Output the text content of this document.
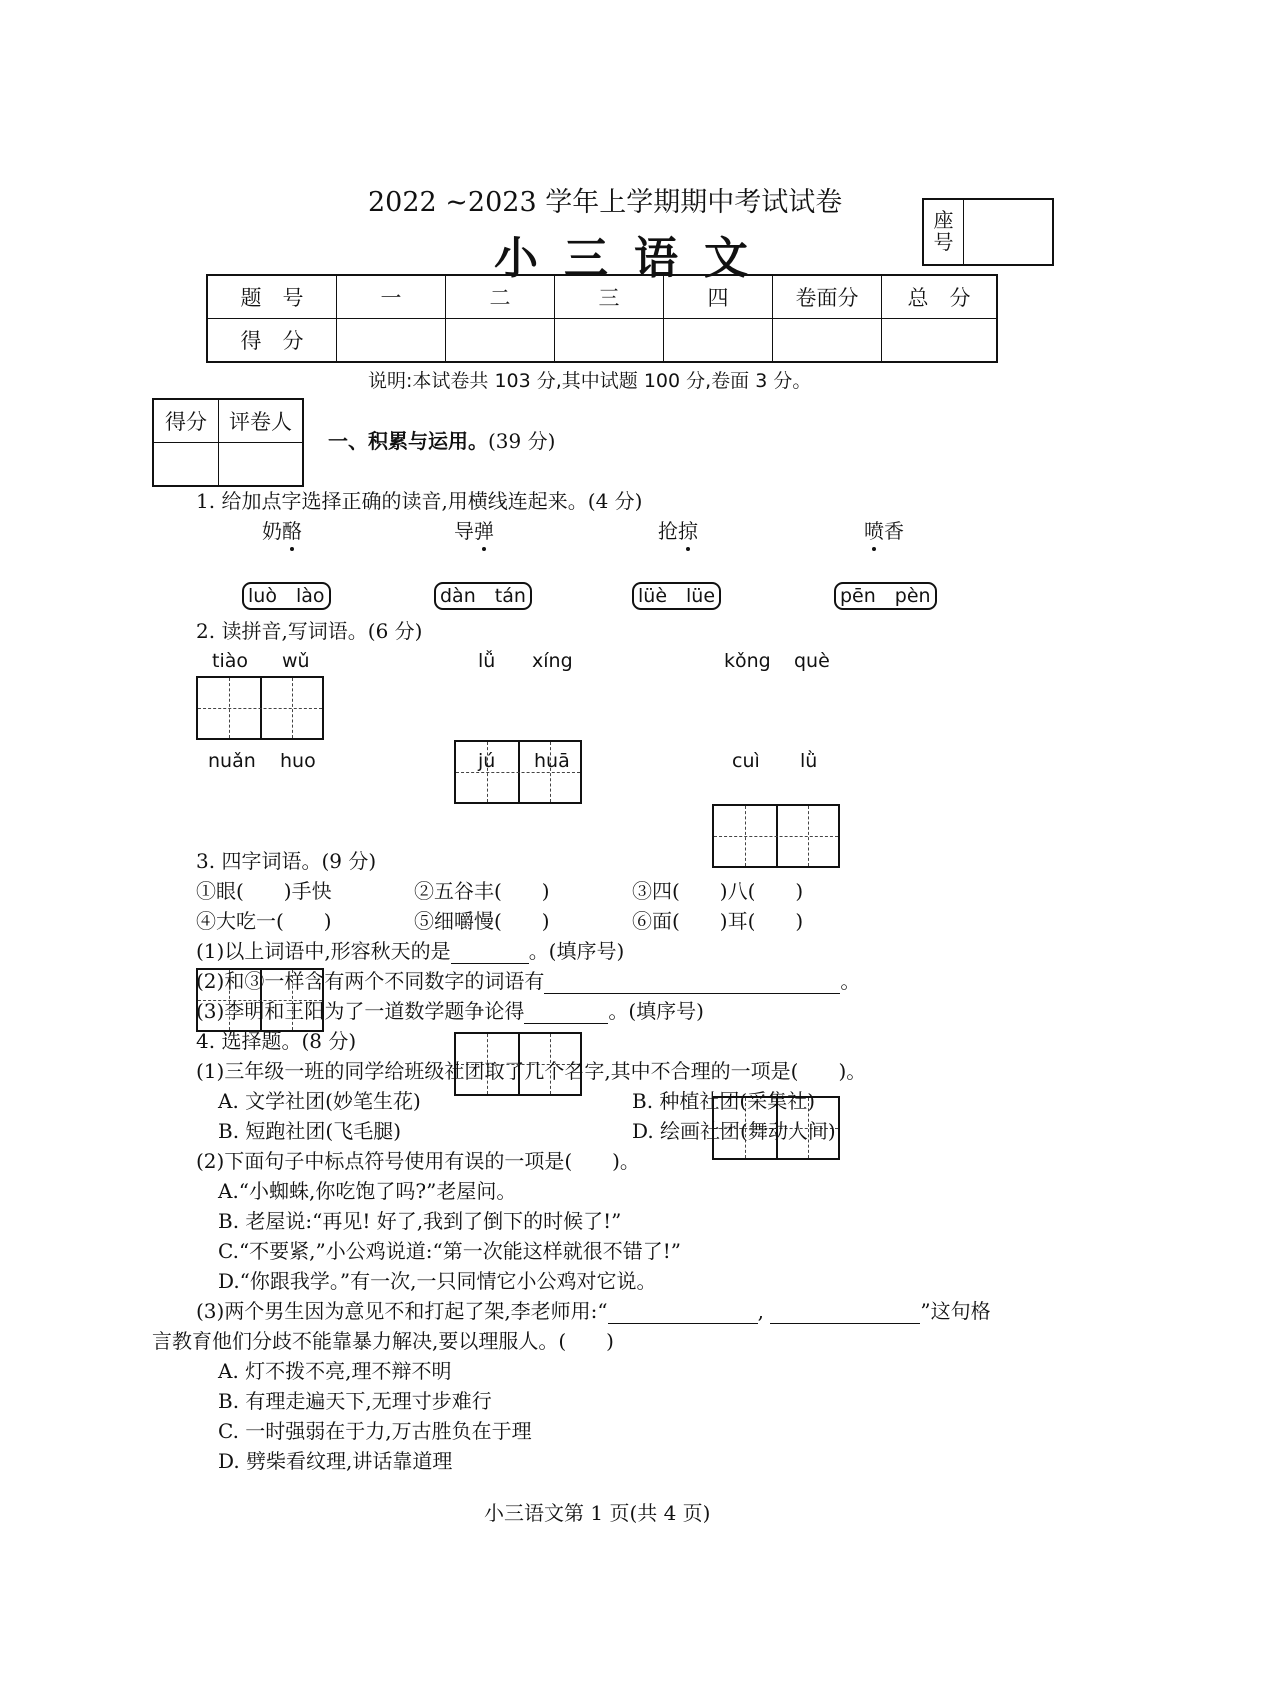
2022 ~2023 学年上学期期中考试试卷
小三语文
座号
题　号	一	二	三	四	卷面分	总　分
得　分						
说明:本试卷共 103 分,其中试题 100 分,卷面 3 分。
得分	评卷人

一、积累与运用。(39 分)
1. 给加点字选择正确的读音,用横线连起来。(4 分)
奶酪	导弹	抢掠	喷香
luò　lào	dàn　tán	lüè　lüe	pēn　pèn
2. 读拼音,写词语。(6 分)
tiào wǔ	lǚ xíng	kǒng què
nuǎn huo	jú huā	cuì lǜ
3. 四字词语。(9 分)
①眼(　　)手快	②五谷丰(　　)	③四(　　)八(　　)
④大吃一(　　)	⑤细嚼慢(　　)	⑥面(　　)耳(　　)
(1)以上词语中,形容秋天的是	。(填序号)
(2)和③一样含有两个不同数字的词语有	。
(3)李明和王阳为了一道数学题争论得	。(填序号)
4. 选择题。(8 分)
(1)三年级一班的同学给班级社团取了几个名字,其中不合理的一项是(　　)。
A. 文学社团(妙笔生花)	B. 种植社团(采集社)
B. 短跑社团(飞毛腿)	D. 绘画社团(舞动人间)
(2)下面句子中标点符号使用有误的一项是(　　)。
A.“小蜘蛛,你吃饱了吗?”老屋问。
B. 老屋说:“再见! 好了,我到了倒下的时候了!”
C.“不要紧,”小公鸡说道:“第一次能这样就很不错了!”
D.“你跟我学。”有一次,一只同情它小公鸡对它说。
(3)两个男生因为意见不和打起了架,李老师用:“	,	”这句格
言教育他们分歧不能靠暴力解决,要以理服人。(　　)
A. 灯不拨不亮,理不辩不明
B. 有理走遍天下,无理寸步难行
C. 一时强弱在于力,万古胜负在于理
D. 劈柴看纹理,讲话靠道理
小三语文第 1 页(共 4 页)
